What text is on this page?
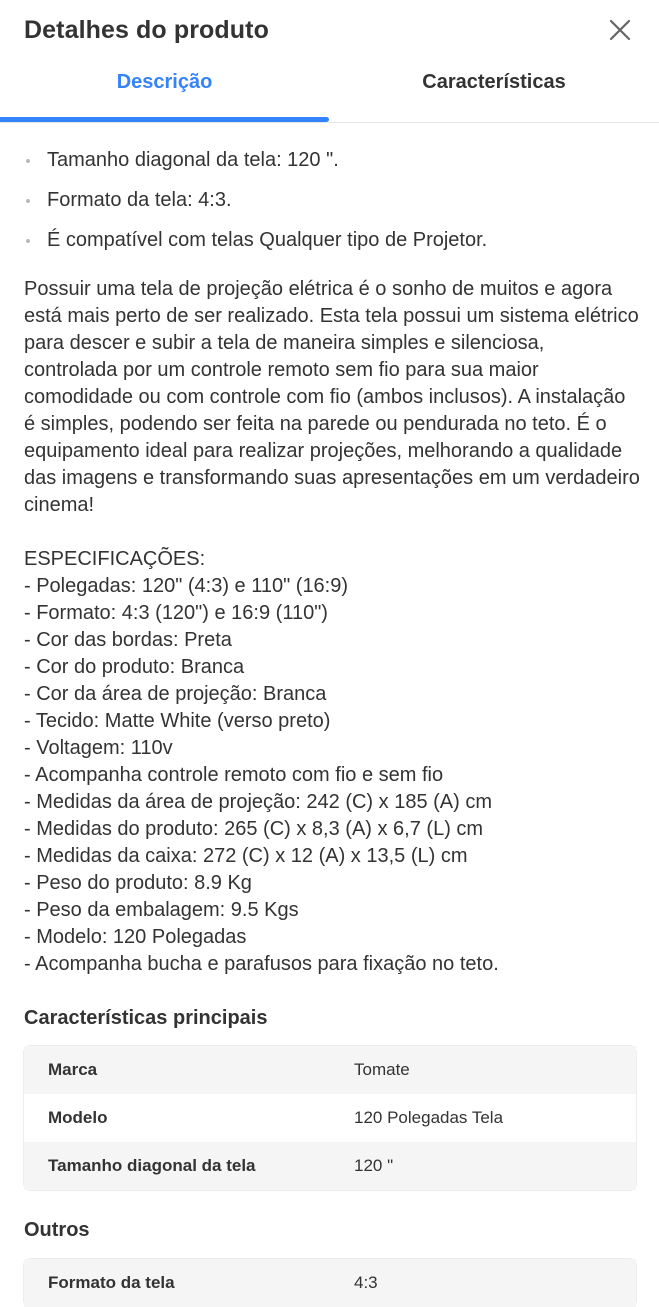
Detalhes do produto
Descrição	Características
Tamanho diagonal da tela: 120 ".
Formato da tela: 4:3.
É compatível com telas Qualquer tipo de Projetor.

Possuir uma tela de projeção elétrica é o sonho de muitos e agora está mais perto de ser realizado. Esta tela possui um sistema elétrico para descer e subir a tela de maneira simples e silenciosa, controlada por um controle remoto sem fio para sua maior comodidade ou com controle com fio (ambos inclusos). A instalação é simples, podendo ser feita na parede ou pendurada no teto. É o equipamento ideal para realizar projeções, melhorando a qualidade das imagens e transformando suas apresentações em um verdadeiro cinema!

ESPECIFICAÇÕES:
- Polegadas: 120" (4:3) e 110" (16:9)
- Formato: 4:3 (120") e 16:9 (110")
- Cor das bordas: Preta
- Cor do produto: Branca
- Cor da área de projeção: Branca
- Tecido: Matte White (verso preto)
- Voltagem: 110v
- Acompanha controle remoto com fio e sem fio
- Medidas da área de projeção: 242 (C) x 185 (A) cm
- Medidas do produto: 265 (C) x 8,3 (A) x 6,7 (L) cm
- Medidas da caixa: 272 (C) x 12 (A) x 13,5 (L) cm
- Peso do produto: 8.9 Kg
- Peso da embalagem: 9.5 Kgs
- Modelo: 120 Polegadas
- Acompanha bucha e parafusos para fixação no teto.

Características principais
Marca	Tomate
Modelo	120 Polegadas Tela
Tamanho diagonal da tela	120 "
Outros
Formato da tela	4:3
